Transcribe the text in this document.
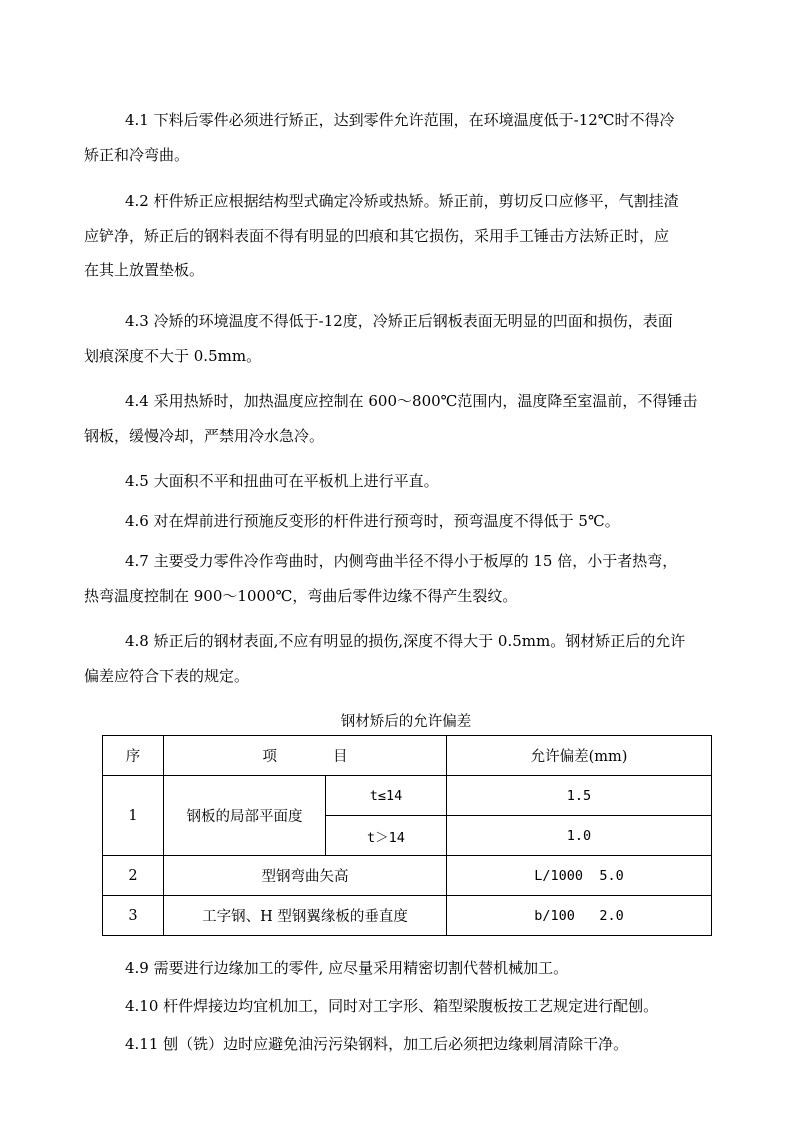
4.1 下料后零件必须进行矫正，达到零件允许范围，在环境温度低于-12℃时不得冷
矫正和冷弯曲。

4.2 杆件矫正应根据结构型式确定冷矫或热矫。矫正前，剪切反口应修平，气割挂渣
应铲净，矫正后的钢料表面不得有明显的凹痕和其它损伤，采用手工锤击方法矫正时，应
在其上放置垫板。

4.3 冷矫的环境温度不得低于-12度，冷矫正后钢板表面无明显的凹面和损伤，表面
划痕深度不大于 0.5mm。

4.4 采用热矫时，加热温度应控制在 600～800℃范围内，温度降至室温前，不得锤击
钢板，缓慢冷却，严禁用冷水急冷。

4.5 大面积不平和扭曲可在平板机上进行平直。

4.6 对在焊前进行预施反变形的杆件进行预弯时，预弯温度不得低于 5℃。

4.7 主要受力零件冷作弯曲时，内侧弯曲半径不得小于板厚的 15 倍，小于者热弯，
热弯温度控制在 900～1000℃，弯曲后零件边缘不得产生裂纹。

4.8 矫正后的钢材表面,不应有明显的损伤,深度不得大于 0.5mm。钢材矫正后的允许
偏差应符合下表的规定。

钢材矫后的允许偏差

序	项 目		允许偏差(mm)
1	钢板的局部平面度	t≤14	1.5
		t＞14	1.0
2	型钢弯曲矢高		L/1000 5.0
3	工字钢、H 型钢翼缘板的垂直度		b/100 2.0

4.9 需要进行边缘加工的零件, 应尽量采用精密切割代替机械加工。

4.10 杆件焊接边均宜机加工，同时对工字形、箱型梁腹板按工艺规定进行配刨。

4.11 刨（铣）边时应避免油污污染钢料，加工后必须把边缘刺屑清除干净。
